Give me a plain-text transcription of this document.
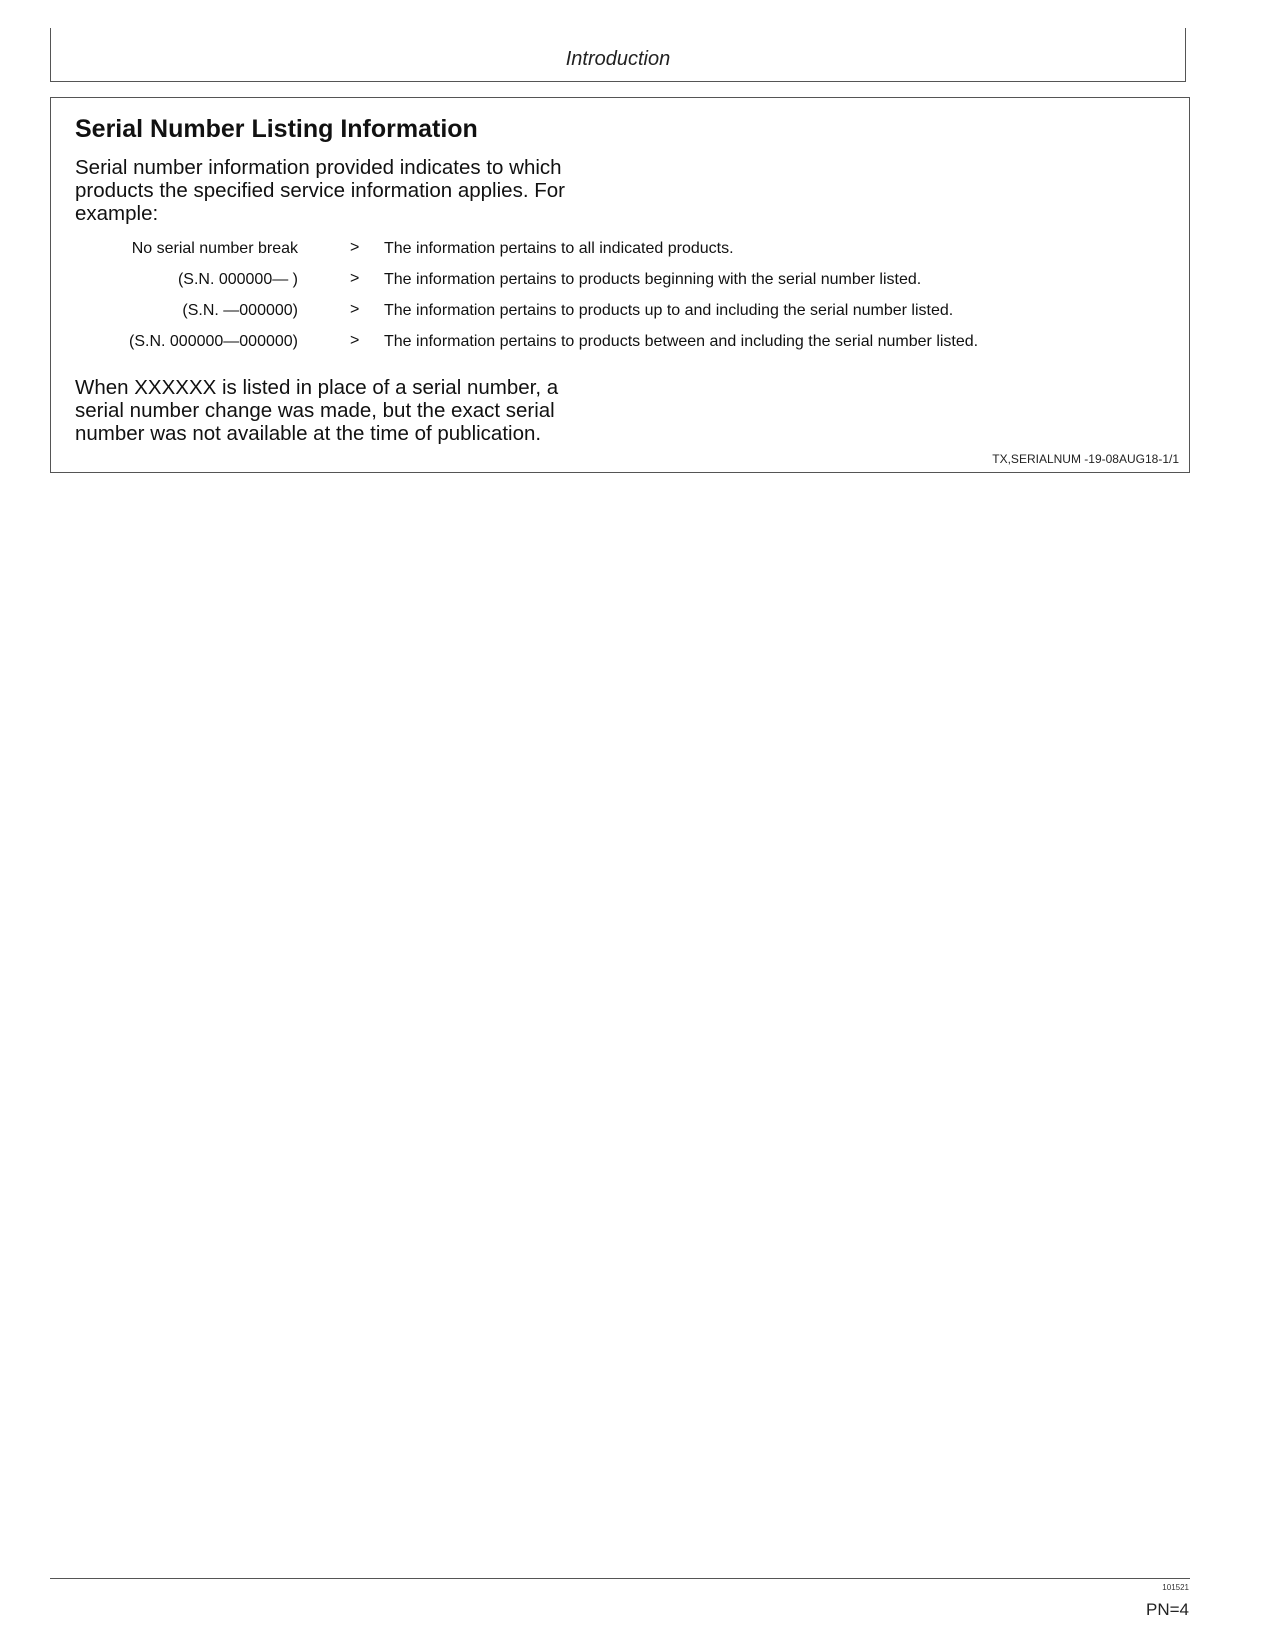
Introduction
Serial Number Listing Information

Serial number information provided indicates to which products the specified service information applies. For example:

No serial number break	> The information pertains to all indicated products.
(S.N. 000000— )	> The information pertains to products beginning with the serial number listed.
(S.N. —000000)	> The information pertains to products up to and including the serial number listed.
(S.N. 000000—000000)	> The information pertains to products between and including the serial number listed.

When XXXXXX is listed in place of a serial number, a serial number change was made, but the exact serial number was not available at the time of publication.

TX,SERIALNUM -19-08AUG18-1/1
101521
PN=4
